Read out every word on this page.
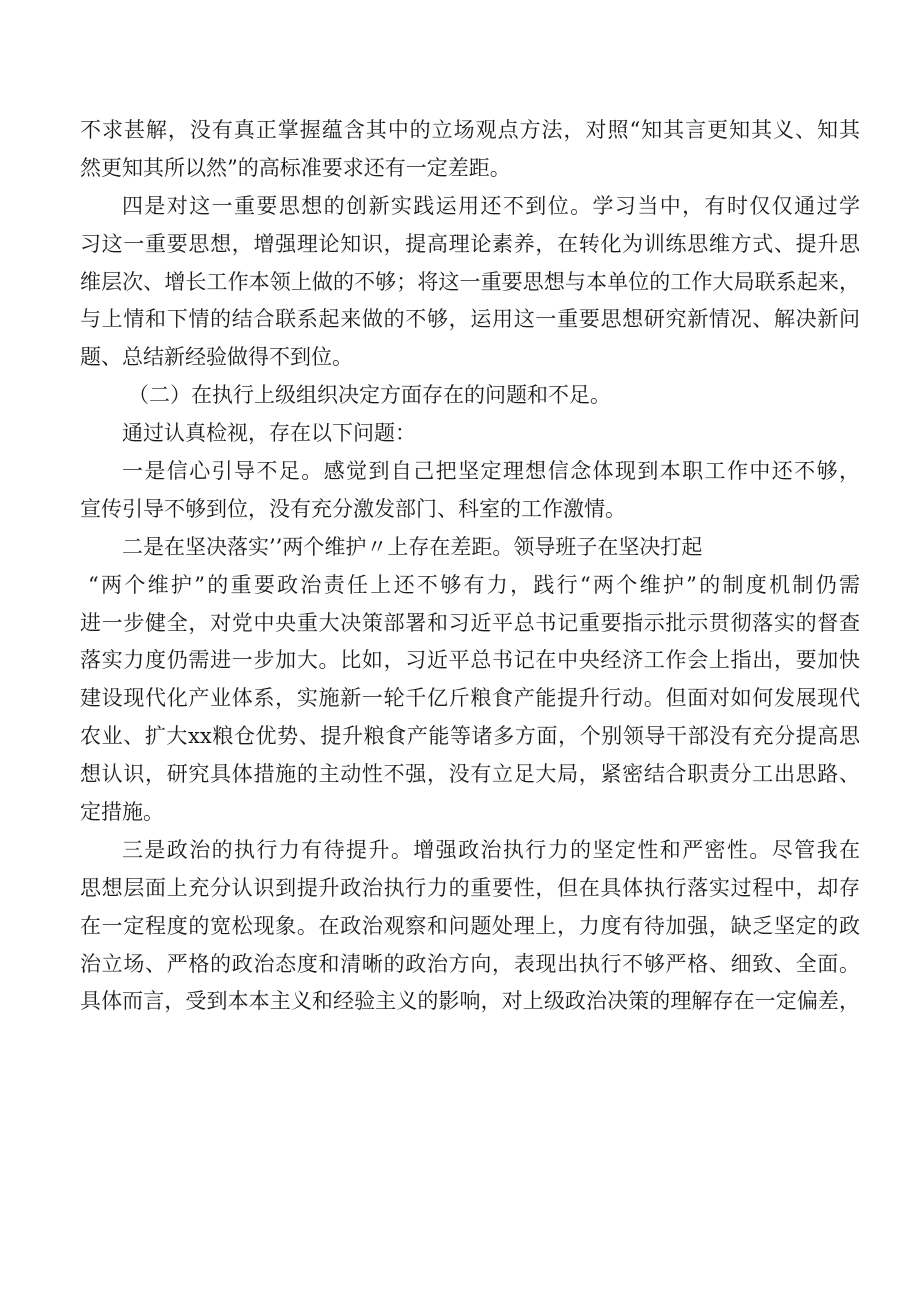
不求甚解，没有真正掌握蕴含其中的立场观点方法，对照“知其言更知其义、知其
然更知其所以然”的高标准要求还有一定差距。
四是对这一重要思想的创新实践运用还不到位。学习当中，有时仅仅通过学
习这一重要思想，增强理论知识，提高理论素养，在转化为训练思维方式、提升思
维层次、增长工作本领上做的不够；将这一重要思想与本单位的工作大局联系起来，
与上情和下情的结合联系起来做的不够，运用这一重要思想研究新情况、解决新问
题、总结新经验做得不到位。
（二）在执行上级组织决定方面存在的问题和不足。
通过认真检视，存在以下问题：
一是信心引导不足。感觉到自己把坚定理想信念体现到本职工作中还不够，
宣传引导不够到位，没有充分激发部门、科室的工作激情。
二是在坚决落实’’两个维护〃上存在差距。领导班子在坚决打起
“两个维护”的重要政治责任上还不够有力，践行“两个维护”的制度机制仍需
进一步健全，对党中央重大决策部署和习近平总书记重要指示批示贯彻落实的督查
落实力度仍需进一步加大。比如，习近平总书记在中央经济工作会上指出，要加快
建设现代化产业体系，实施新一轮千亿斤粮食产能提升行动。但面对如何发展现代
农业、扩大xx粮仓优势、提升粮食产能等诸多方面，个别领导干部没有充分提高思
想认识，研究具体措施的主动性不强，没有立足大局，紧密结合职责分工出思路、
定措施。
三是政治的执行力有待提升。增强政治执行力的坚定性和严密性。尽管我在
思想层面上充分认识到提升政治执行力的重要性，但在具体执行落实过程中，却存
在一定程度的宽松现象。在政治观察和问题处理上，力度有待加强，缺乏坚定的政
治立场、严格的政治态度和清晰的政治方向，表现出执行不够严格、细致、全面。
具体而言，受到本本主义和经验主义的影响，对上级政治决策的理解存在一定偏差，
